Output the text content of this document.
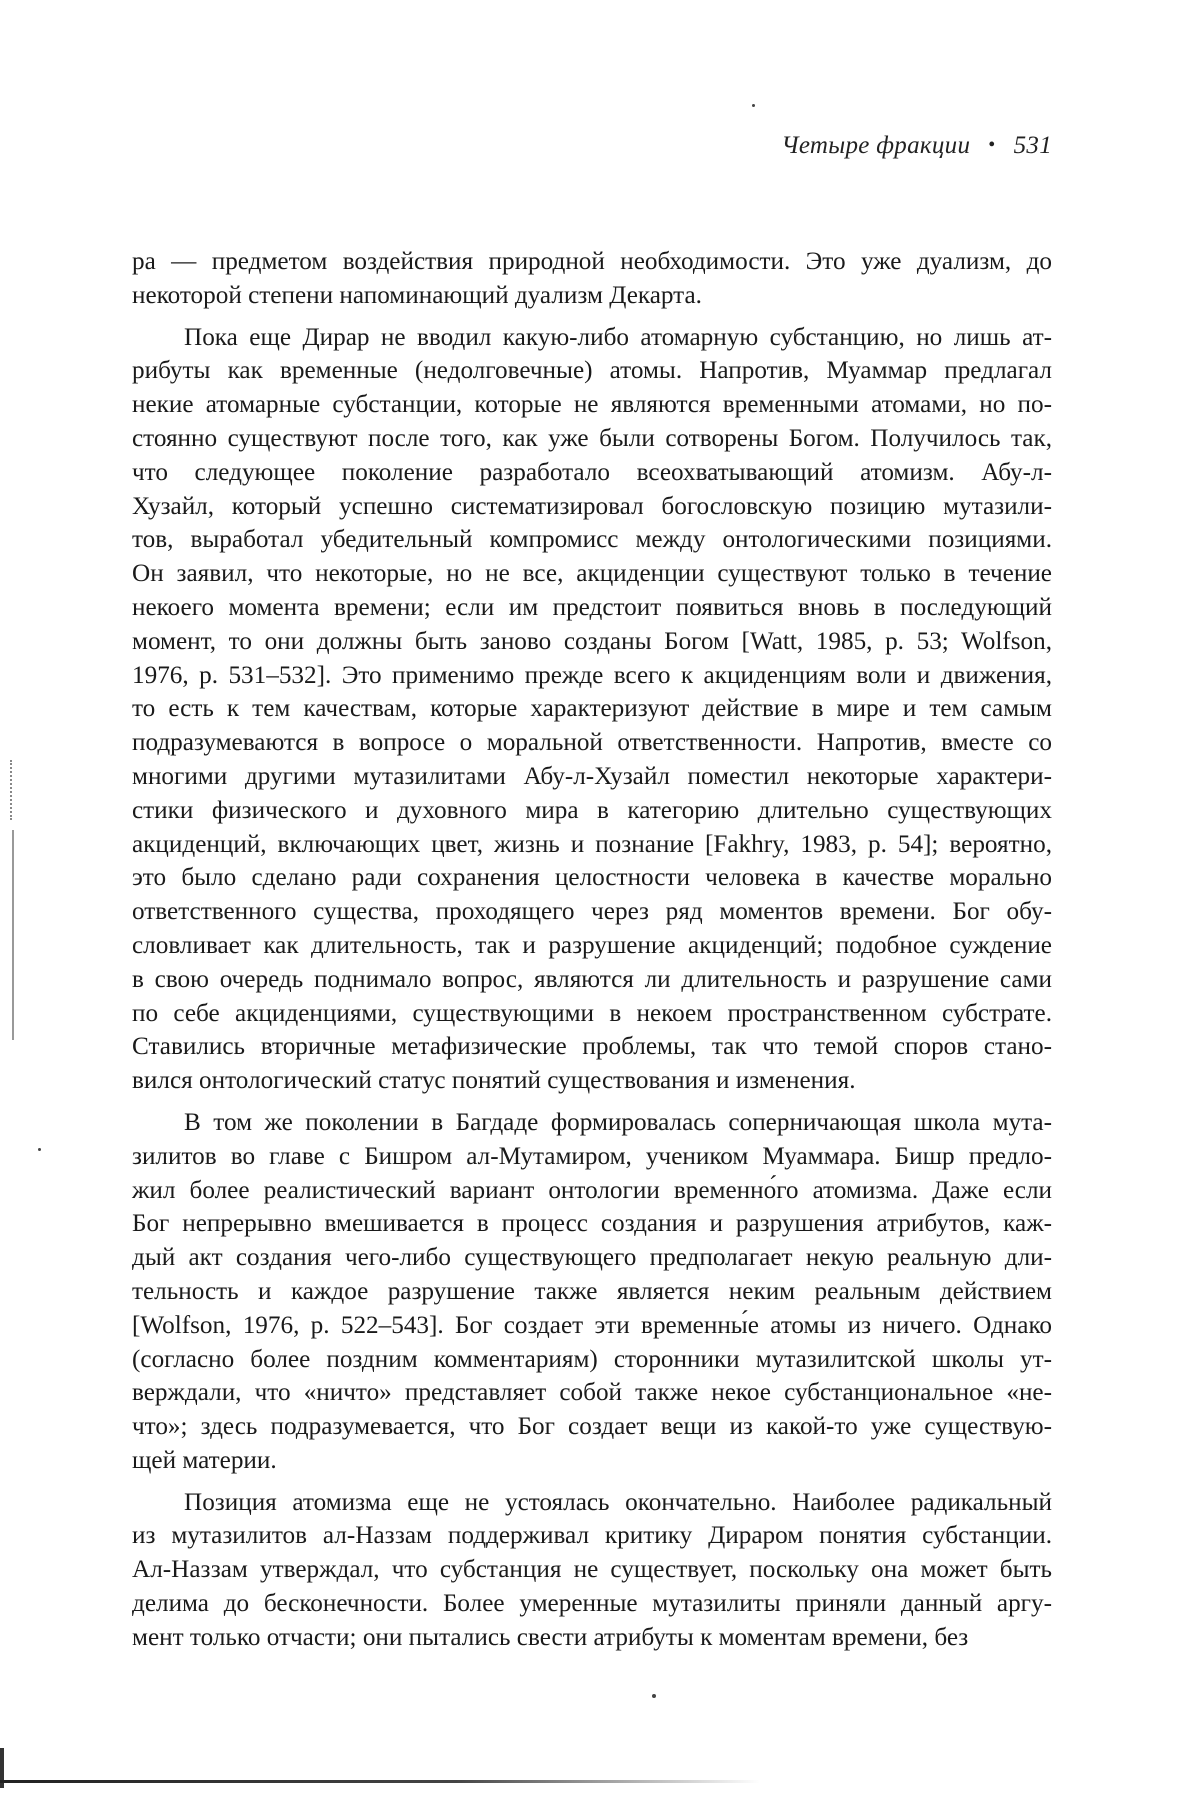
Четыре фракции • 531

ра — предметом воздействия природной необходимости. Это уже дуализм, до
некоторой степени напоминающий дуализм Декарта.

Пока еще Дирар не вводил какую-либо атомарную субстанцию, но лишь ат-
рибуты как временные (недолговечные) атомы. Напротив, Муаммар предлагал
некие атомарные субстанции, которые не являются временными атомами, но по-
стоянно существуют после того, как уже были сотворены Богом. Получилось так,
что следующее поколение разработало всеохватывающий атомизм. Абу-л-
Хузайл, который успешно систематизировал богословскую позицию мутазили-
тов, выработал убедительный компромисс между онтологическими позициями.
Он заявил, что некоторые, но не все, акциденции существуют только в течение
некоего момента времени; если им предстоит появиться вновь в последующий
момент, то они должны быть заново созданы Богом [Watt, 1985, p. 53; Wolfson,
1976, p. 531–532]. Это применимо прежде всего к акциденциям воли и движения,
то есть к тем качествам, которые характеризуют действие в мире и тем самым
подразумеваются в вопросе о моральной ответственности. Напротив, вместе со
многими другими мутазилитами Абу-л-Хузайл поместил некоторые характери-
стики физического и духовного мира в категорию длительно существующих
акциденций, включающих цвет, жизнь и познание [Fakhry, 1983, p. 54]; вероятно,
это было сделано ради сохранения целостности человека в качестве морально
ответственного существа, проходящего через ряд моментов времени. Бог обу-
словливает как длительность, так и разрушение акциденций; подобное суждение
в свою очередь поднимало вопрос, являются ли длительность и разрушение сами
по себе акциденциями, существующими в некоем пространственном субстрате.
Ставились вторичные метафизические проблемы, так что темой споров стано-
вился онтологический статус понятий существования и изменения.

В том же поколении в Багдаде формировалась соперничающая школа мута-
зилитов во главе с Бишром ал-Мутамиром, учеником Муаммара. Бишр предло-
жил более реалистический вариант онтологии временно́го атомизма. Даже если
Бог непрерывно вмешивается в процесс создания и разрушения атрибутов, каж-
дый акт создания чего-либо существующего предполагает некую реальную дли-
тельность и каждое разрушение также является неким реальным действием
[Wolfson, 1976, p. 522–543]. Бог создает эти временны́е атомы из ничего. Однако
(согласно более поздним комментариям) сторонники мутазилитской школы ут-
верждали, что «ничто» представляет собой также некое субстанциональное «не-
что»; здесь подразумевается, что Бог создает вещи из какой-то уже существую-
щей материи.

Позиция атомизма еще не устоялась окончательно. Наиболее радикальный
из мутазилитов ал-Наззам поддерживал критику Дираром понятия субстанции.
Ал-Наззам утверждал, что субстанция не существует, поскольку она может быть
делима до бесконечности. Более умеренные мутазилиты приняли данный аргу-
мент только отчасти; они пытались свести атрибуты к моментам времени, без
